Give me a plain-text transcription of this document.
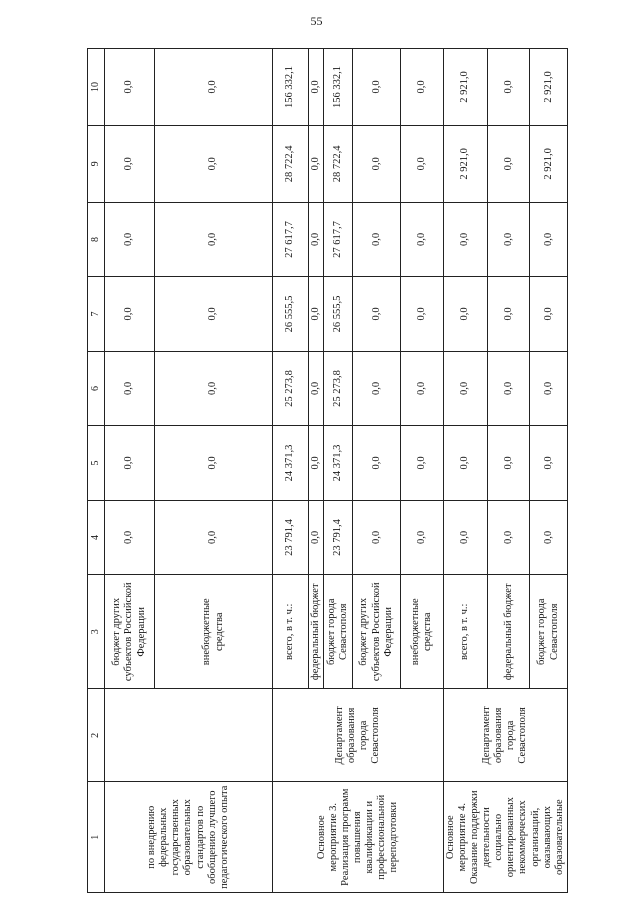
55
1	2	3	4	5	6	7	8	9	10
по внедрению федеральных государственных образовательных стандартов по обобщению лучшего педагогического опыта		бюджет других субъектов Российской Федерации	0,0	0,0	0,0	0,0	0,0	0,0	0,0
		внебюджетные средства	0,0	0,0	0,0	0,0	0,0	0,0	0,0
Основное мероприятие 3. Реализация программ повышения квалификации и профессиональной переподготовки	Департамент образования города Севастополя	всего, в т. ч.:	23 791,4	24 371,3	25 273,8	26 555,5	27 617,7	28 722,4	156 332,1
		федеральный бюджет	0,0	0,0	0,0	0,0	0,0	0,0	0,0
		бюджет города Севастополя	23 791,4	24 371,3	25 273,8	26 555,5	27 617,7	28 722,4	156 332,1
		бюджет других субъектов Российской Федерации	0,0	0,0	0,0	0,0	0,0	0,0	0,0
		внебюджетные средства	0,0	0,0	0,0	0,0	0,0	0,0	0,0
Основное мероприятие 4. Оказание поддержки деятельности социально ориентированных некоммерческих организаций, оказывающих образовательные	Департамент образования города Севастополя	всего, в т. ч.:	0,0	0,0	0,0	0,0	0,0	2 921,0	2 921,0
		федеральный бюджет	0,0	0,0	0,0	0,0	0,0	0,0	0,0
		бюджет города Севастополя	0,0	0,0	0,0	0,0	0,0	2 921,0	2 921,0
